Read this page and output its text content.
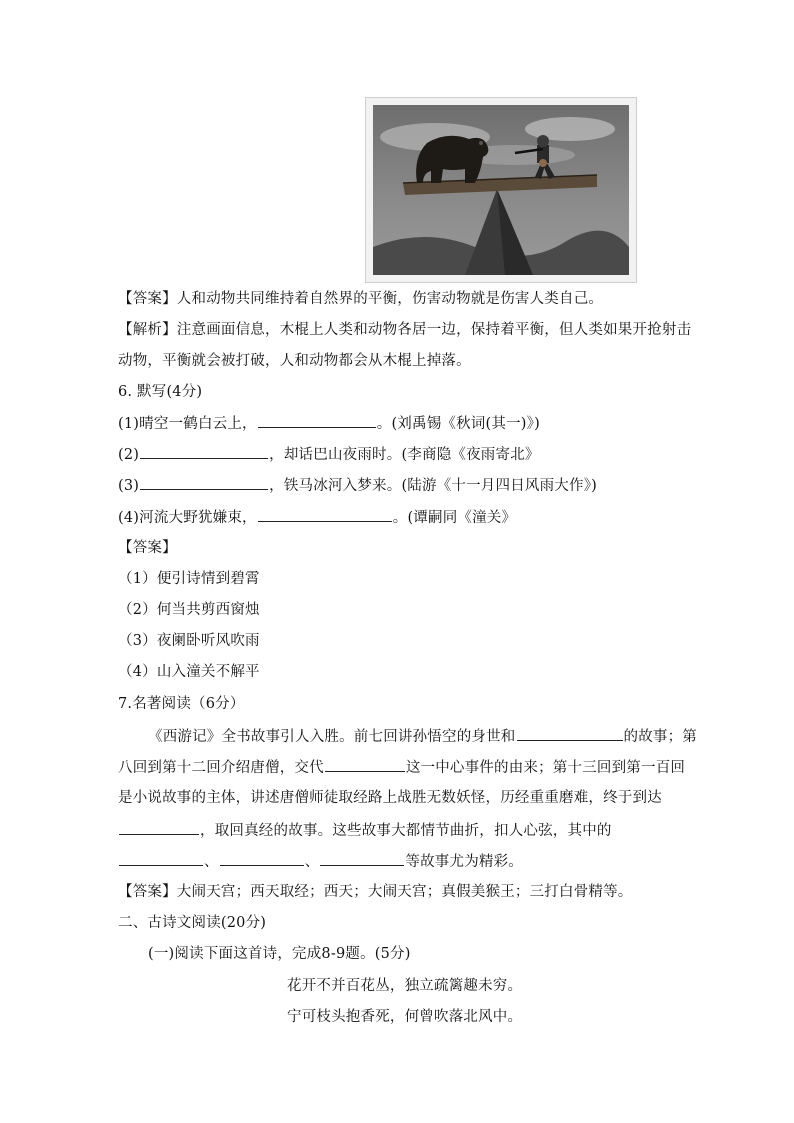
【答案】人和动物共同维持着自然界的平衡，伤害动物就是伤害人类自己。
【解析】注意画面信息，木棍上人类和动物各居一边，保持着平衡，但人类如果开抢射击
动物，平衡就会被打破，人和动物都会从木棍上掉落。
6. 默写(4分)
(1)晴空一鹤白云上，	。(刘禹锡《秋词(其一)》)
(2)	，却话巴山夜雨时。(李商隐《夜雨寄北》
(3)	，铁马冰河入梦来。(陆游《十一月四日风雨大作》)
(4)河流大野犹嫌束，	。(谭嗣同《潼关》
【答案】
（1）便引诗情到碧霄
（2）何当共剪西窗烛
（3）夜阑卧听风吹雨
（4）山入潼关不解平
7.名著阅读（6分）
《西游记》全书故事引人入胜。前七回讲孙悟空的身世和	的故事；第
八回到第十二回介绍唐僧，交代	这一中心事件的由来；第十三回到第一百回
是小说故事的主体，讲述唐僧师徒取经路上战胜无数妖怪，历经重重磨难，终于到达
，取回真经的故事。这些故事大都情节曲折，扣人心弦，其中的
、	、	等故事尤为精彩。
【答案】大闹天宫；西天取经；西天；大闹天宫；真假美猴王；三打白骨精等。
二、古诗文阅读(20分)
(一)阅读下面这首诗，完成8-9题。(5分)
花开不并百花丛，独立疏篱趣未穷。
宁可枝头抱香死，何曾吹落北风中。
